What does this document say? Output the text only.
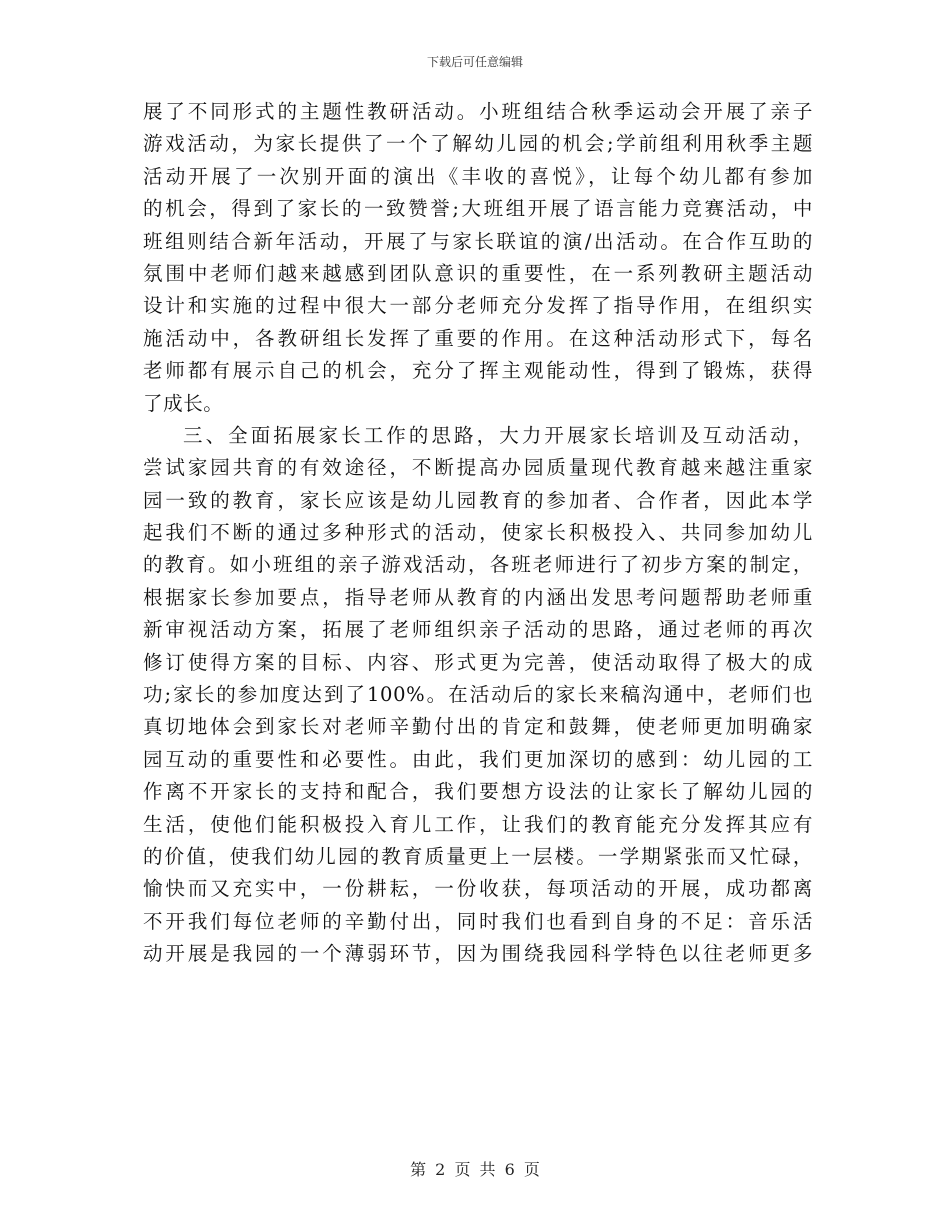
下载后可任意编辑
展了不同形式的主题性教研活动。小班组结合秋季运动会开展了亲子
游戏活动，为家长提供了一个了解幼儿园的机会;学前组利用秋季主题
活动开展了一次别开面的演出《丰收的喜悦》，让每个幼儿都有参加
的机会，得到了家长的一致赞誉;大班组开展了语言能力竞赛活动，中
班组则结合新年活动，开展了与家长联谊的演/出活动。在合作互助的
氛围中老师们越来越感到团队意识的重要性，在一系列教研主题活动
设计和实施的过程中很大一部分老师充分发挥了指导作用，在组织实
施活动中，各教研组长发挥了重要的作用。在这种活动形式下，每名
老师都有展示自己的机会，充分了挥主观能动性，得到了锻炼，获得
了成长。
三、全面拓展家长工作的思路，大力开展家长培训及互动活动，
尝试家园共育的有效途径，不断提高办园质量现代教育越来越注重家
园一致的教育，家长应该是幼儿园教育的参加者、合作者，因此本学
起我们不断的通过多种形式的活动，使家长积极投入、共同参加幼儿
的教育。如小班组的亲子游戏活动，各班老师进行了初步方案的制定，
根据家长参加要点，指导老师从教育的内涵出发思考问题帮助老师重
新审视活动方案，拓展了老师组织亲子活动的思路，通过老师的再次
修订使得方案的目标、内容、形式更为完善，使活动取得了极大的成
功;家长的参加度达到了100%。在活动后的家长来稿沟通中，老师们也
真切地体会到家长对老师辛勤付出的肯定和鼓舞，使老师更加明确家
园互动的重要性和必要性。由此，我们更加深切的感到：幼儿园的工
作离不开家长的支持和配合，我们要想方设法的让家长了解幼儿园的
生活，使他们能积极投入育儿工作，让我们的教育能充分发挥其应有
的价值，使我们幼儿园的教育质量更上一层楼。一学期紧张而又忙碌，
愉快而又充实中，一份耕耘，一份收获，每项活动的开展，成功都离
不开我们每位老师的辛勤付出，同时我们也看到自身的不足：音乐活
动开展是我园的一个薄弱环节，因为围绕我园科学特色以往老师更多
第 2 页 共 6 页
